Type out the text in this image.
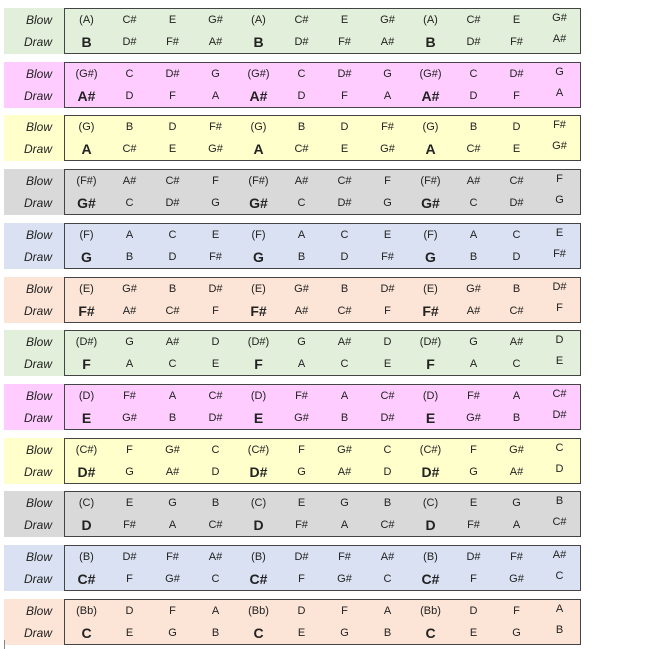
Blow
Draw
(A)	C#	E	G#	(A)	C#	E	G#	(A)	C#	E	G#
B	D#	F#	A#	B	D#	F#	A#	B	D#	F#	A#
Blow
Draw
(G#)	C	D#	G	(G#)	C	D#	G	(G#)	C	D#	G
A#	D	F	A	A#	D	F	A	A#	D	F	A
Blow
Draw
(G)	B	D	F#	(G)	B	D	F#	(G)	B	D	F#
A	C#	E	G#	A	C#	E	G#	A	C#	E	G#
Blow
Draw
(F#)	A#	C#	F	(F#)	A#	C#	F	(F#)	A#	C#	F
G#	C	D#	G	G#	C	D#	G	G#	C	D#	G
Blow
Draw
(F)	A	C	E	(F)	A	C	E	(F)	A	C	E
G	B	D	F#	G	B	D	F#	G	B	D	F#
Blow
Draw
(E)	G#	B	D#	(E)	G#	B	D#	(E)	G#	B	D#
F#	A#	C#	F	F#	A#	C#	F	F#	A#	C#	F
Blow
Draw
(D#)	G	A#	D	(D#)	G	A#	D	(D#)	G	A#	D
F	A	C	E	F	A	C	E	F	A	C	E
Blow
Draw
(D)	F#	A	C#	(D)	F#	A	C#	(D)	F#	A	C#
E	G#	B	D#	E	G#	B	D#	E	G#	B	D#
Blow
Draw
(C#)	F	G#	C	(C#)	F	G#	C	(C#)	F	G#	C
D#	G	A#	D	D#	G	A#	D	D#	G	A#	D
Blow
Draw
(C)	E	G	B	(C)	E	G	B	(C)	E	G	B
D	F#	A	C#	D	F#	A	C#	D	F#	A	C#
Blow
Draw
(B)	D#	F#	A#	(B)	D#	F#	A#	(B)	D#	F#	A#
C#	F	G#	C	C#	F	G#	C	C#	F	G#	C
Blow
Draw
(Bb)	D	F	A	(Bb)	D	F	A	(Bb)	D	F	A
C	E	G	B	C	E	G	B	C	E	G	B
